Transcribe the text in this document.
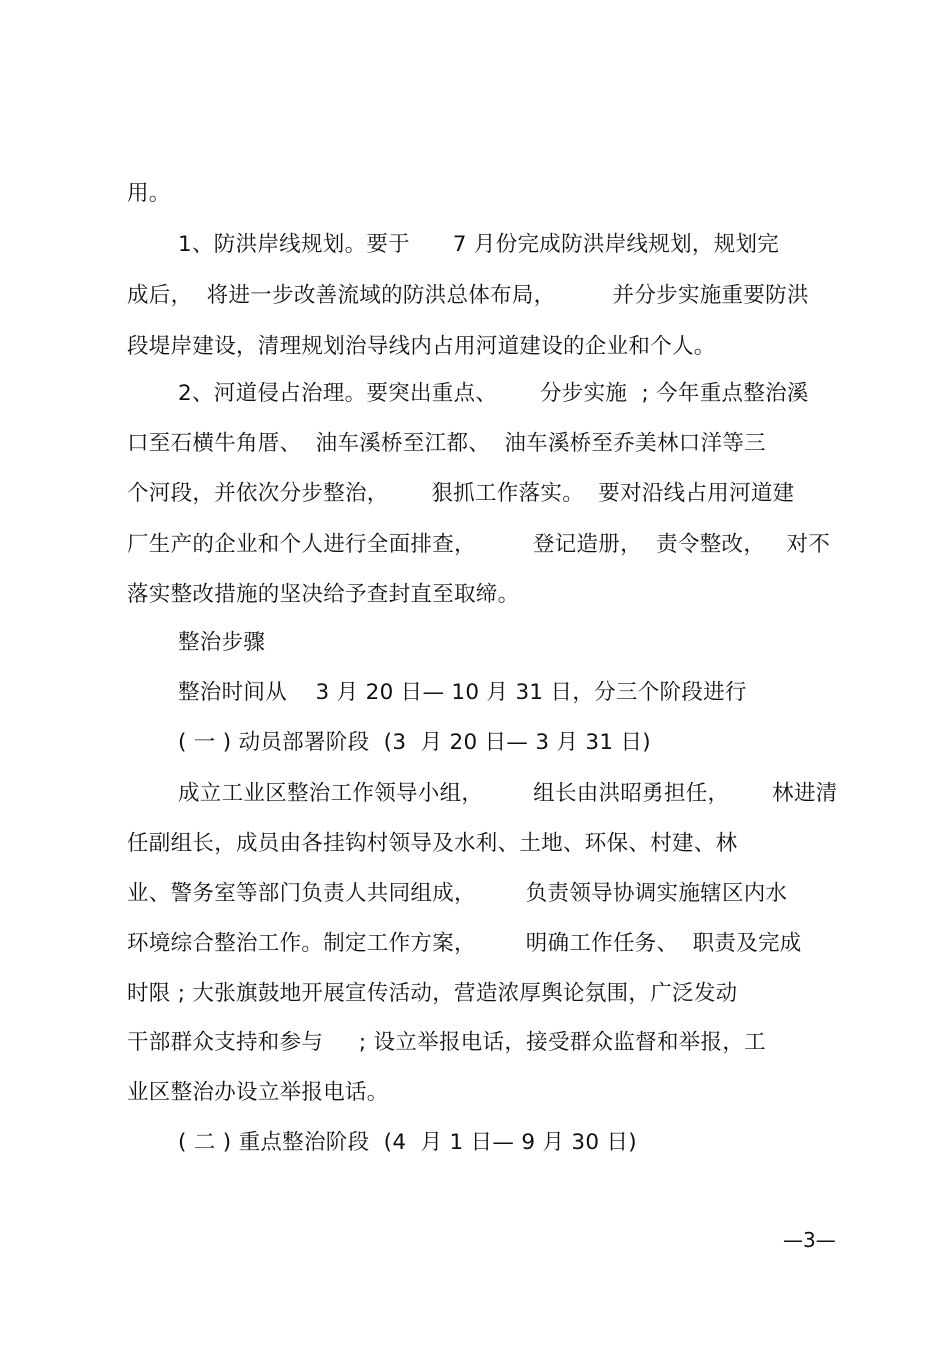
用。
1、防洪岸线规划。要于      7 月份完成防洪岸线规划，规划完
成后，  将进一步改善流域的防洪总体布局，        并分步实施重要防洪
段堤岸建设，清理规划治导线内占用河道建设的企业和个人。
2、河道侵占治理。要突出重点、      分步实施  ; 今年重点整治溪
口至石横牛角厝、  油车溪桥至江都、  油车溪桥至乔美林口洋等三
个河段，并依次分步整治，      狠抓工作落实。  要对沿线占用河道建
厂生产的企业和个人进行全面排查，        登记造册，  责令整改，   对不
落实整改措施的坚决给予查封直至取缔。
整治步骤
整治时间从    3 月 20 日— 10 月 31 日，分三个阶段进行
( 一 ) 动员部署阶段  (3  月 20 日— 3 月 31 日)
成立工业区整治工作领导小组，       组长由洪昭勇担任，      林进清
任副组长，成员由各挂钩村领导及水利、土地、环保、村建、林
业、警务室等部门负责人共同组成，       负责领导协调实施辖区内水
环境综合整治工作。制定工作方案，       明确工作任务、  职责及完成
时限 ; 大张旗鼓地开展宣传活动，营造浓厚舆论氛围，广泛发动
干部群众支持和参与     ; 设立举报电话，接受群众监督和举报，工
业区整治办设立举报电话。
( 二 ) 重点整治阶段  (4  月 1 日— 9 月 30 日)
—3—
